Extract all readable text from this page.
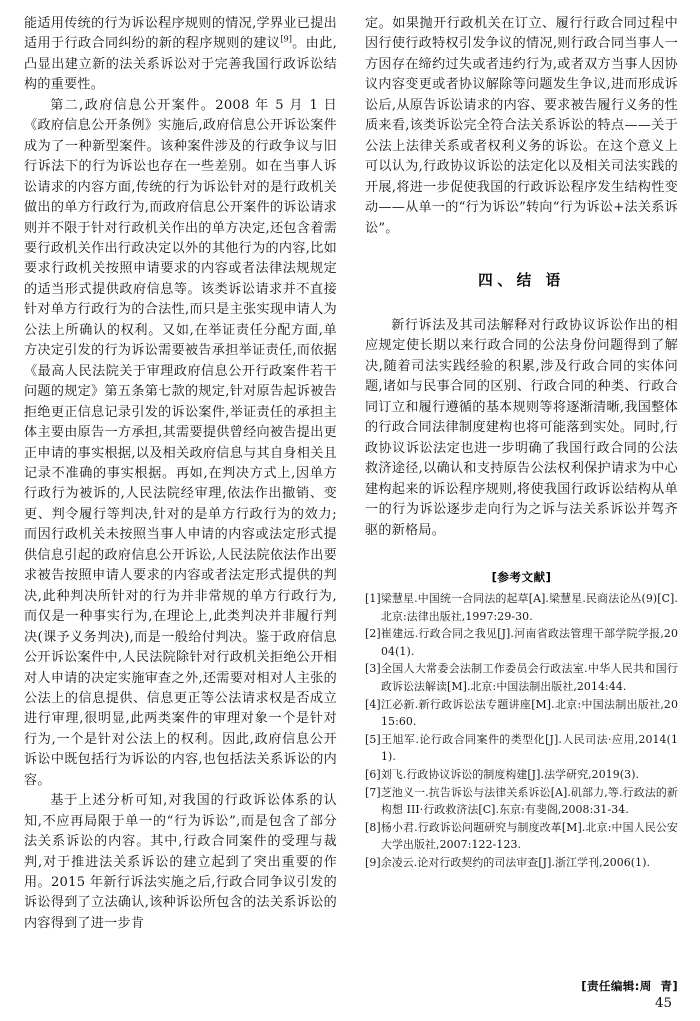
能适用传统的行为诉讼程序规则的情况,学界业已提出适用于行政合同纠纷的新的程序规则的建议[9]。由此,凸显出建立新的法关系诉讼对于完善我国行政诉讼结构的重要性。

第二,政府信息公开案件。2008 年 5 月 1 日《政府信息公开条例》实施后,政府信息公开诉讼案件成为了一种新型案件。该种案件涉及的行政争议与旧行诉法下的行为诉讼也存在一些差别。如在当事人诉讼请求的内容方面,传统的行为诉讼针对的是行政机关做出的单方行政行为,而政府信息公开案件的诉讼请求则并不限于针对行政机关作出的单方决定,还包含着需要行政机关作出行政决定以外的其他行为的内容,比如要求行政机关按照申请要求的内容或者法律法规规定的适当形式提供政府信息等。该类诉讼请求并不直接针对单方行政行为的合法性,而只是主张实现申请人为公法上所确认的权利。又如,在举证责任分配方面,单方决定引发的行为诉讼需要被告承担举证责任,而依据《最高人民法院关于审理政府信息公开行政案件若干问题的规定》第五条第七款的规定,针对原告起诉被告拒绝更正信息记录引发的诉讼案件,举证责任的承担主体主要由原告一方承担,其需要提供曾经向被告提出更正申请的事实根据,以及相关政府信息与其自身相关且记录不准确的事实根据。再如,在判决方式上,因单方行政行为被诉的,人民法院经审理,依法作出撤销、变更、判令履行等判决,针对的是单方行政行为的效力;而因行政机关未按照当事人申请的内容或法定形式提供信息引起的政府信息公开诉讼,人民法院依法作出要求被告按照申请人要求的内容或者法定形式提供的判决,此种判决所针对的行为并非常规的单方行政行为,而仅是一种事实行为,在理论上,此类判决并非履行判决(课予义务判决),而是一般给付判决。鉴于政府信息公开诉讼案件中,人民法院除针对行政机关拒绝公开相对人申请的决定实施审查之外,还需要对相对人主张的公法上的信息提供、信息更正等公法请求权是否成立进行审理,很明显,此两类案件的审理对象一个是针对行为,一个是针对公法上的权利。因此,政府信息公开诉讼中既包括行为诉讼的内容,也包括法关系诉讼的内容。

基于上述分析可知,对我国的行政诉讼体系的认知,不应再局限于单一的“行为诉讼”,而是包含了部分法关系诉讼的内容。其中,行政合同案件的受理与裁判,对于推进法关系诉讼的建立起到了突出重要的作用。2015 年新行诉法实施之后,行政合同争议引发的诉讼得到了立法确认,该种诉讼所包含的法关系诉讼的内容得到了进一步肯

定。如果抛开行政机关在订立、履行行政合同过程中因行使行政特权引发争议的情况,则行政合同当事人一方因存在缔约过失或者违约行为,或者双方当事人因协议内容变更或者协议解除等问题发生争议,进而形成诉讼后,从原告诉讼请求的内容、要求被告履行义务的性质来看,该类诉讼完全符合法关系诉讼的特点——关于公法上法律关系或者权利义务的诉讼。在这个意义上可以认为,行政协议诉讼的法定化以及相关司法实践的开展,将进一步促使我国的行政诉讼程序发生结构性变动——从单一的“行为诉讼”转向“行为诉讼+法关系诉讼”。

四、结 语

新行诉法及其司法解释对行政协议诉讼作出的相应规定使长期以来行政合同的公法身份问题得到了解决,随着司法实践经验的积累,涉及行政合同的实体问题,诸如与民事合同的区别、行政合同的种类、行政合同订立和履行遵循的基本规则等将逐渐清晰,我国整体的行政合同法律制度建构也将可能落到实处。同时,行政协议诉讼法定也进一步明确了我国行政合同的公法救济途径,以确认和支持原告公法权利保护请求为中心建构起来的诉讼程序规则,将使我国行政诉讼结构从单一的行为诉讼逐步走向行为之诉与法关系诉讼并驾齐驱的新格局。

[参考文献]

[1]梁慧星.中国统一合同法的起草[A].梁慧星.民商法论丛(9)[C].北京:法律出版社,1997:29-30.

[2]崔建远.行政合同之我见[J].河南省政法管理干部学院学报,2004(1).

[3]全国人大常委会法制工作委员会行政法室.中华人民共和国行政诉讼法解读[M].北京:中国法制出版社,2014:44.

[4]江必新.新行政诉讼法专题讲座[M].北京:中国法制出版社,2015:60.

[5]王旭军.论行政合同案件的类型化[J].人民司法·应用,2014(11).

[6]刘飞.行政协议诉讼的制度构建[J].法学研究,2019(3).

[7]芝池义一.抗告诉讼与法律关系诉讼[A].矶部力,等.行政法的新构想 III·行政救济法[C].东京:有斐阁,2008:31-34.

[8]杨小君.行政诉讼问题研究与制度改革[M].北京:中国人民公安大学出版社,2007:122-123.

[9]余凌云.论对行政契约的司法审查[J].浙江学刊,2006(1).

[责任编辑:周  青]
45
